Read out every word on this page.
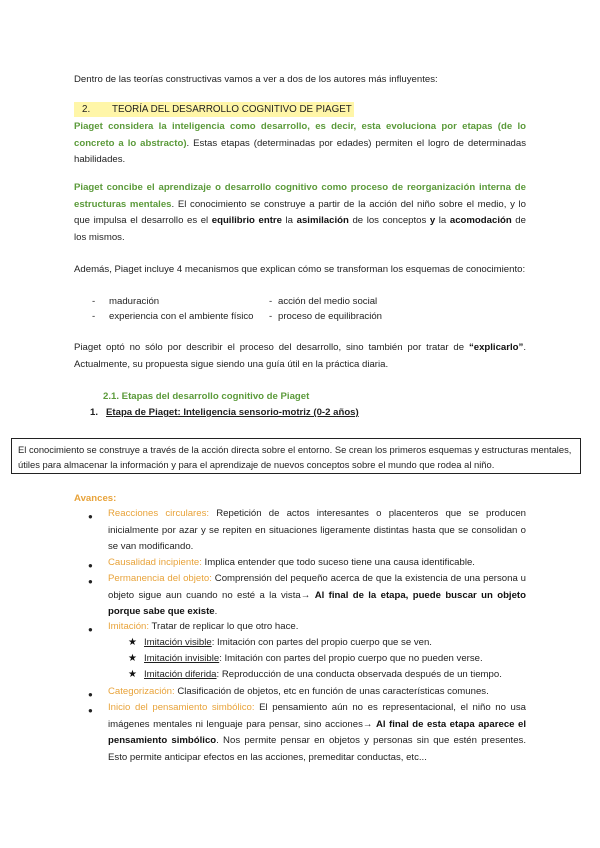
Dentro de las teorías constructivas vamos a ver a dos de los autores más influyentes:

2. TEORÍA DEL DESARROLLO COGNITIVO DE PIAGET

Piaget considera la inteligencia como desarrollo, es decir, esta evoluciona por etapas (de lo concreto a lo abstracto). Estas etapas (determinadas por edades) permiten el logro de determinadas habilidades.

Piaget concibe el aprendizaje o desarrollo cognitivo como proceso de reorganización interna de estructuras mentales. El conocimiento se construye a partir de la acción del niño sobre el medio, y lo que impulsa el desarrollo es el equilibrio entre la asimilación de los conceptos y la acomodación de los mismos.

Además, Piaget incluye 4 mecanismos que explican cómo se transforman los esquemas de conocimiento:

- maduración	- acción del medio social
- experiencia con el ambiente físico - proceso de equilibración

Piaget optó no sólo por describir el proceso del desarrollo, sino también por tratar de “explicarlo”. Actualmente, su propuesta sigue siendo una guía útil en la práctica diaria.

2.1. Etapas del desarrollo cognitivo de Piaget
1. Etapa de Piaget: Inteligencia sensorio-motriz (0-2 años)
El conocimiento se construye a través de la acción directa sobre el entorno. Se crean los primeros esquemas y estructuras mentales, útiles para almacenar la información y para el aprendizaje de nuevos conceptos sobre el mundo que rodea al niño.
Avances:
● Reacciones circulares: Repetición de actos interesantes o placenteros que se producen inicialmente por azar y se repiten en situaciones ligeramente distintas hasta que se consolidan o se van modificando.

● Causalidad incipiente: Implica entender que todo suceso tiene una causa identificable.

● Permanencia del objeto: Comprensión del pequeño acerca de que la existencia de una persona u objeto sigue aun cuando no esté a la vista→ Al final de la etapa, puede buscar un objeto porque sabe que existe.

● Imitación: Tratar de replicar lo que otro hace.

★ Imitación visible: Imitación con partes del propio cuerpo que se ven.
★ Imitación invisible: Imitación con partes del propio cuerpo que no pueden verse.
★ Imitación diferida: Reproducción de una conducta observada después de un tiempo.
● Categorización: Clasificación de objetos, etc en función de unas características comunes.

● Inicio del pensamiento simbólico: El pensamiento aún no es representacional, el niño no usa imágenes mentales ni lenguaje para pensar, sino acciones→ Al final de esta etapa aparece el pensamiento simbólico. Nos permite pensar en objetos y personas sin que estén presentes. Esto permite anticipar efectos en las acciones, premeditar conductas, etc...
